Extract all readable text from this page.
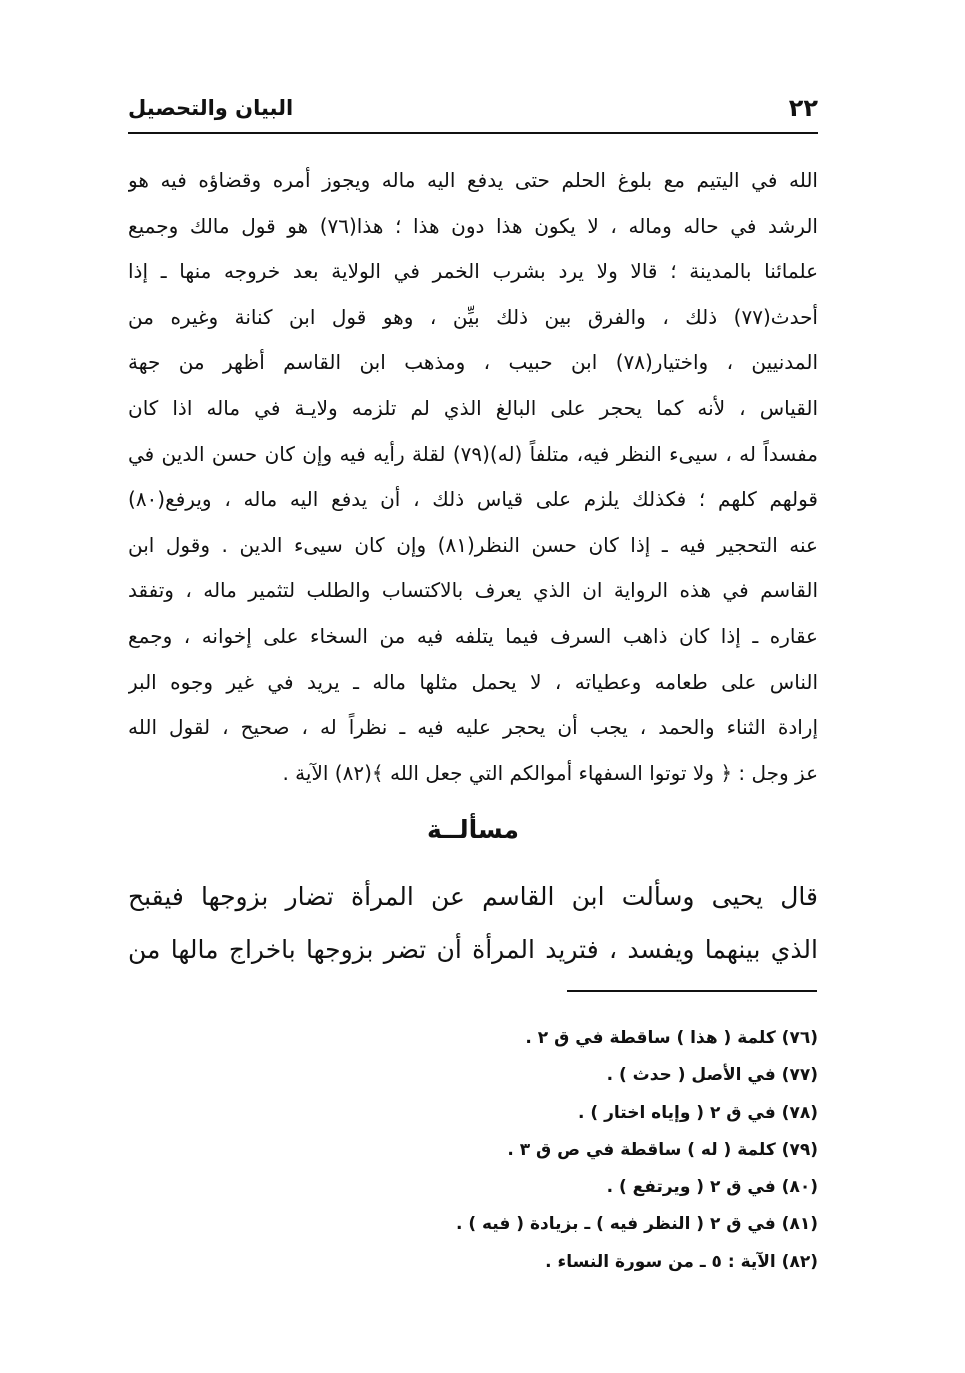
٢٢
البيان والتحصيل
الله في اليتيم مع بلوغ الحلم حتى يدفع اليه ماله ويجوز أمره وقضاؤه فيه هو
الرشد في حاله وماله ، لا يكون هذا دون هذا ؛ هذا(٧٦) هو قول مالك وجميع
علمائنا بالمدينة ؛ قالا ولا يرد بشرب الخمر في الولاية بعد خروجه منها ـ إذا
أحدث(٧٧) ذلك ، والفرق بين ذلك بيِّن ، وهو قول ابن كنانة وغيره من
المدنيين ، واختيار(٧٨) ابن حبيب ، ومذهب ابن القاسم أظهر من جهة
القياس ، لأنه كما يحجر على البالغ الذي لم تلزمه ولايـة في ماله اذا كان
مفسداً له ، سيىء النظر فيه، متلفاً (له)(٧٩) لقلة رأيه فيه وإن كان حسن الدين في
قولهم كلهم ؛ فكذلك يلزم على قياس ذلك ، أن يدفع اليه ماله ، ويرفع(٨٠)
عنه التحجير فيه ـ إذا كان حسن النظر(٨١) وإن كان سيىء الدين . وقول ابن
القاسم في هذه الرواية ان الذي يعرف بالاكتساب والطلب لتثمير ماله ، وتفقد
عقاره ـ إذا كان ذاهب السرف فيما يتلفه فيه من السخاء على إخوانه ، وجمع
الناس على طعامه وعطياته ، لا يحمل مثلها ماله ـ يريد في غير وجوه البر
إرادة الثناء والحمد ، يجب أن يحجر عليه فيه ـ نظراً له ، صحيح ، لقول الله
عز وجل : ﴿ ولا توتوا السفهاء أموالكم التي جعل الله ﴾(٨٢) الآية .
مسألــة
قال يحيى وسألت ابن القاسم عن المرأة تضار بزوجها فيقبح
الذي بينهما ويفسد ، فتريد المرأة أن تضر بزوجها باخراج مالها من
(٧٦) كلمة ( هذا ) ساقطة في ق ٢ .
(٧٧) في الأصل ( حدث ) .
(٧٨) في ق ٢ ( وإياه اختار ) .
(٧٩) كلمة ( له ) ساقطة في ص ق ٣ .
(٨٠) في ق ٢ ( ويرتفع ) .
(٨١) في ق ٢ ( النظر فيه ) ـ بزيادة ( فيه ) .
(٨٢) الآية : ٥ ـ من سورة النساء .
